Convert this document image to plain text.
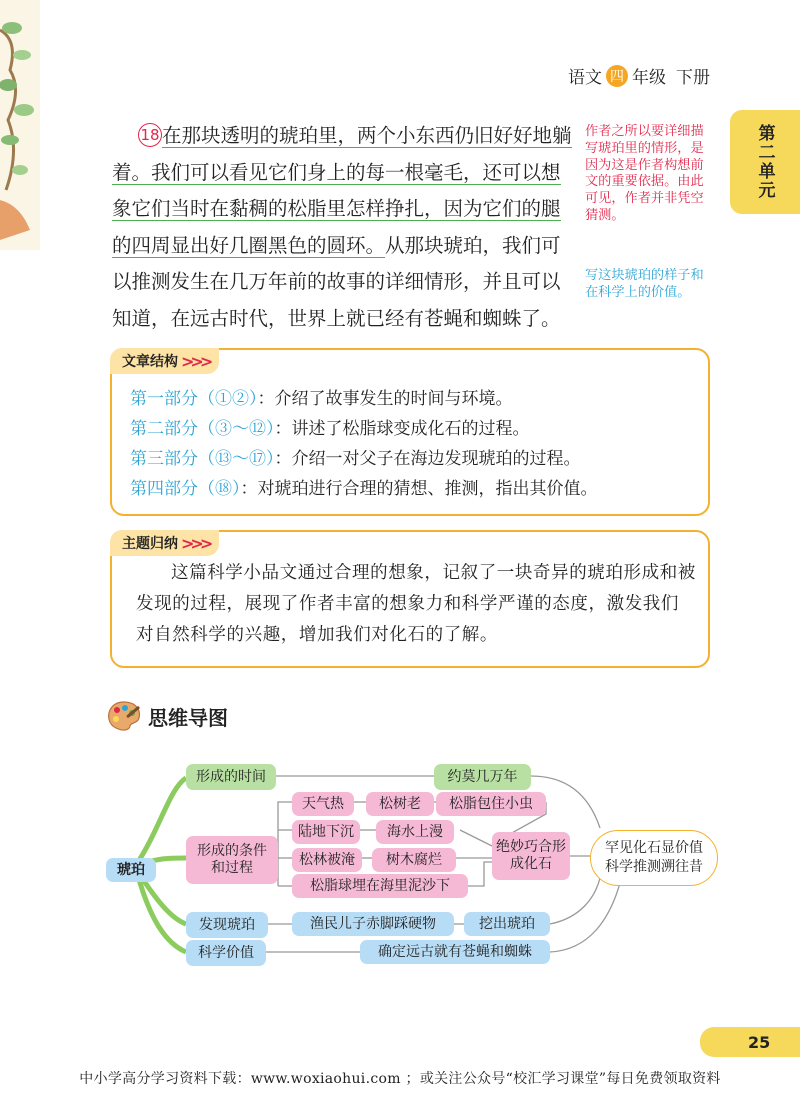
语文 四 年级 下册
第二单元
18 在那块透明的琥珀里，两个小东西仍旧好好地躺着。我们可以看见它们身上的每一根毫毛，还可以想象它们当时在黏稠的松脂里怎样挣扎，因为它们的腿的四周显出好几圈黑色的圆环。从那块琥珀，我们可以推测发生在几万年前的故事的详细情形，并且可以知道，在远古时代，世界上就已经有苍蝇和蜘蛛了。
作者之所以要详细描写琥珀里的情形，是因为这是作者构想前文的重要依据。由此可见，作者并非凭空猜测。
写这块琥珀的样子和在科学上的价值。
文章结构 >>>
第一部分（①②）：介绍了故事发生的时间与环境。
第二部分（③～⑫）：讲述了松脂球变成化石的过程。
第三部分（⑬～⑰）：介绍一对父子在海边发现琥珀的过程。
第四部分（⑱）：对琥珀进行合理的猜想、推测，指出其价值。
主题归纳 >>>
这篇科学小品文通过合理的想象，记叙了一块奇异的琥珀形成和被发现的过程，展现了作者丰富的想象力和科学严谨的态度，激发我们对自然科学的兴趣，增加我们对化石的了解。
思维导图
琥珀
形成的时间
形成的条件和过程
发现琥珀
科学价值
约莫几万年
天气热	松树老	松脂包住小虫
陆地下沉	海水上漫
松林被淹	树木腐烂
松脂球埋在海里泥沙下
绝妙巧合形成化石
渔民儿子赤脚踩硬物	挖出琥珀
确定远古就有苍蝇和蜘蛛
罕见化石显价值科学推测溯往昔
25
中小学高分学习资料下载：www.woxiaohui.com ；或关注公众号“校汇学习课堂”每日免费领取资料
